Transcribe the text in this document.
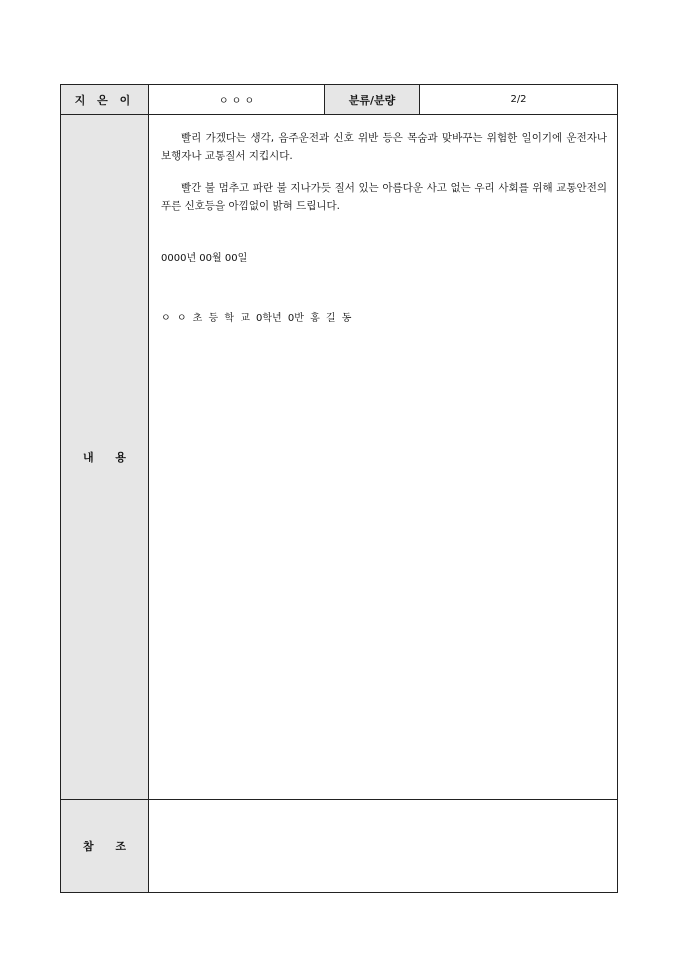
지 은 이	ㅇ ㅇ ㅇ	분류/분량	2/2
내 용	빨리 가겠다는 생각, 음주운전과 신호 위반 등은 목숨과 맞바꾸는 위험한 일이기에 운전자나 보행자나 교통질서 지킵시다.

빨간 불 멈추고 파란 불 지나가듯 질서 있는 아름다운 사고 없는 우리 사회를 위해 교통안전의 푸른 신호등을 아낌없이 밝혀 드립니다.

0000년 00월 00일

ㅇ ㅇ 초 등 학 교 0학년 0반 홍 길 동		

참 조			
